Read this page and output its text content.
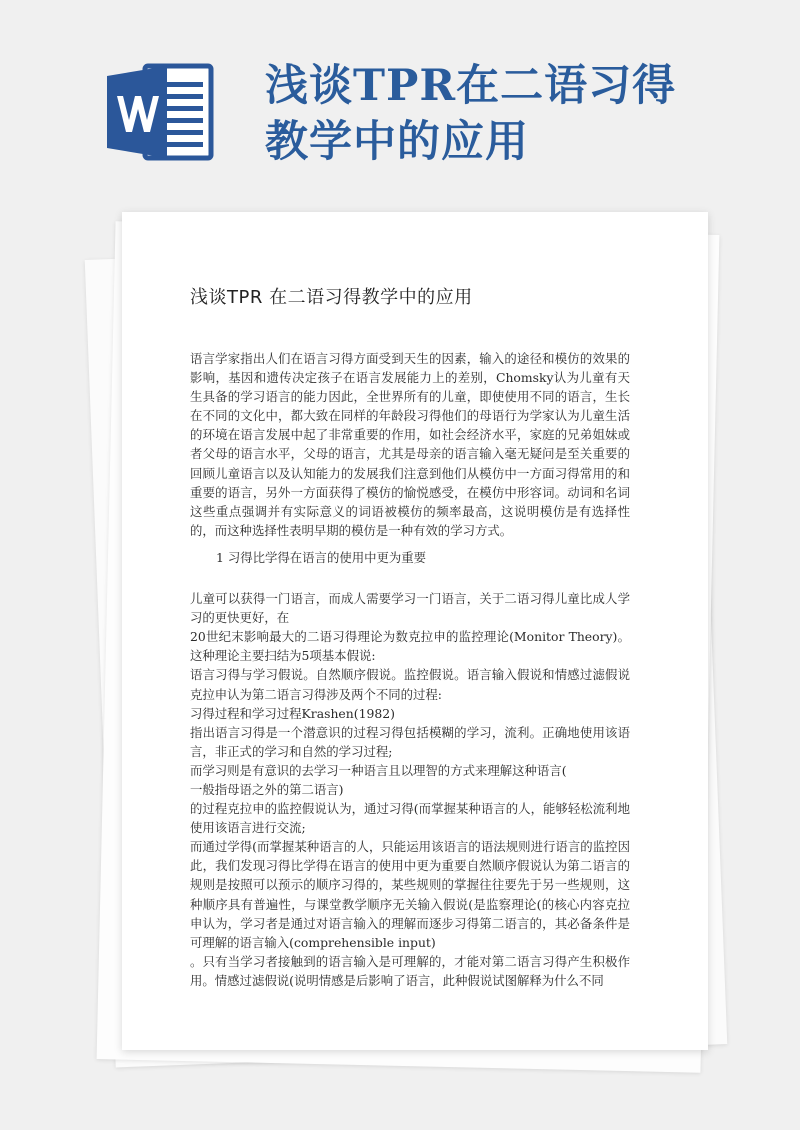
浅谈TPR在二语习得
教学中的应用
浅谈TPR 在二语习得教学中的应用

语言学家指出人们在语言习得方面受到天生的因素，输入的途径和模仿的效果的影响，基因和遗传决定孩子在语言发展能力上的差别，Chomsky认为儿童有天生具备的学习语言的能力因此，全世界所有的儿童，即使使用不同的语言，生长在不同的文化中，都大致在同样的年龄段习得他们的母语行为学家认为儿童生活的环境在语言发展中起了非常重要的作用，如社会经济水平，家庭的兄弟姐妹或者父母的语言水平，父母的语言，尤其是母亲的语言输入毫无疑问是至关重要的回顾儿童语言以及认知能力的发展我们注意到他们从模仿中一方面习得常用的和重要的语言，另外一方面获得了模仿的愉悦感受，在模仿中形容词。动词和名词这些重点强调并有实际意义的词语被模仿的频率最高，这说明模仿是有选择性的，而这种选择性表明早期的模仿是一种有效的学习方式。

1 习得比学得在语言的使用中更为重要

儿童可以获得一门语言，而成人需要学习一门语言，关于二语习得儿童比成人学习的更快更好，在

20世纪末影响最大的二语习得理论为数克拉申的监控理论(Monitor Theory)。这种理论主要扫结为5项基本假说:

语言习得与学习假说。自然顺序假说。监控假说。语言输入假说和情感过滤假说克拉申认为第二语言习得涉及两个不同的过程:

习得过程和学习过程Krashen(1982)

指出语言习得是一个潜意识的过程习得包括模糊的学习，流利。正确地使用该语言，非正式的学习和自然的学习过程;

而学习则是有意识的去学习一种语言且以理智的方式来理解这种语言(

一般指母语之外的第二语言)

的过程克拉申的监控假说认为，通过习得(而掌握某种语言的人，能够轻松流利地使用该语言进行交流;

而通过学得(而掌握某种语言的人，只能运用该语言的语法规则进行语言的监控因此，我们发现习得比学得在语言的使用中更为重要自然顺序假说认为第二语言的规则是按照可以预示的顺序习得的，某些规则的掌握往往要先于另一些规则，这种顺序具有普遍性，与课堂教学顺序无关输入假说(是监察理论(的核心内容克拉申认为，学习者是通过对语言输入的理解而逐步习得第二语言的，其必备条件是可理解的语言输入(comprehensible input)

。只有当学习者接触到的语言输入是可理解的，才能对第二语言习得产生积极作用。情感过滤假说(说明情感是后影响了语言，此种假说试图解释为什么不同
